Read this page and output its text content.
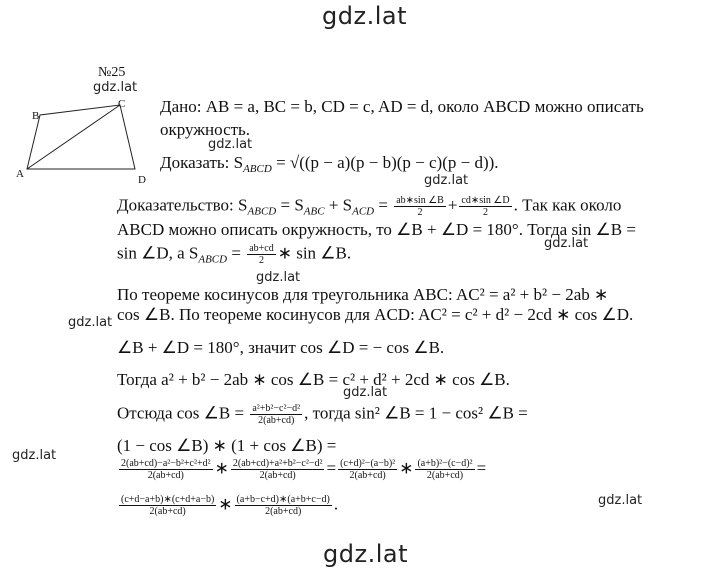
gdz.lat
gdz.lat
gdz.lat
gdz.lat
gdz.lat
gdz.lat
gdz.lat
gdz.lat
gdz.lat
gdz.lat
gdz.lat
№25
A
B
C
D
Дано: AB = a, BC = b, CD = c, AD = d, около ABCD можно описать
окружность.
Доказать: $S_{ABCD} = √((p - a)(p - b)(p - c)(p - d))$.
Доказательство: $S_{ABCD} = S_{ABC} + S_{ACD} = \frac{ab∗\sin \angle B}{2} + \frac{cd∗\sin \angle D}{2}$ . Так как около
ABCD можно описать окружность, то ∠B + ∠D = 180°. Тогда sin ∠B =
sin ∠D, а $S_{ABCD} = \frac{ab+cd}{2}$ ∗ sin ∠B.
По теореме косинусов для треугольника ABC: AC² = a² + b² − 2ab ∗
cos ∠B. По теореме косинусов для ACD: AC² = c² + d² − 2cd ∗ cos ∠D.
∠B + ∠D = 180°, значит cos ∠D = − cos ∠B.
Тогда a² + b² − 2ab ∗ cos ∠B = c² + d² + 2cd ∗ cos ∠B.
Отсюда cos ∠B = $\frac{\text{a²+b²−c²−d²}}{2(ab+cd)}$ , тогда sin² ∠B = 1 − cos² ∠B =
(1 − cos ∠B) ∗ (1 + cos ∠B) =
$\frac{\text{2(ab+cd)−a²−b²+c²+d²}}{2(ab+cd)}$ ∗ $\frac{\text{2(ab+cd)+a²+b²−c²−d²}}{2(ab+cd)} = \frac{\text{(c+d)²−(a−b)²}}{2(ab+cd)}$ ∗ $\frac{\text{(a+b)²−(c−d)²}}{2(ab+cd)}$ =
$\frac{(c+d-a+b)∗(c+d+a-b)}{2(ab+cd)}$ ∗ $\frac{(a+b-c+d)∗(a+b+c-d)}{2(ab+cd)}$ .
